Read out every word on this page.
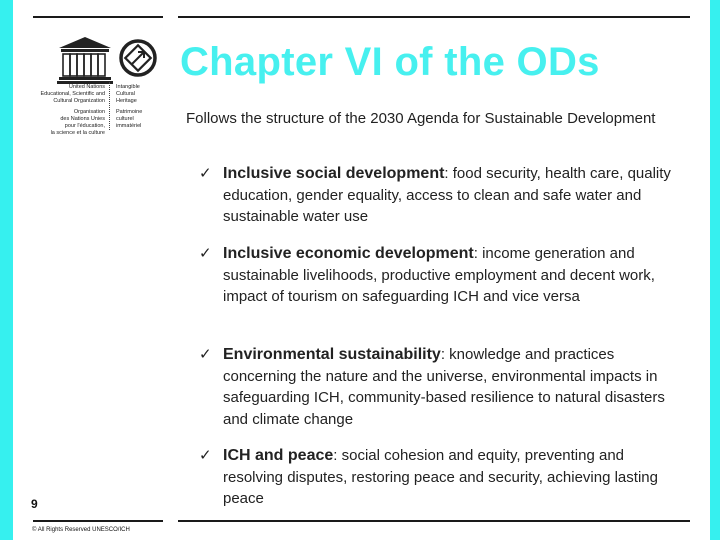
United Nations
Educational, Scientific and
Cultural Organization
Organisation
des Nations Unies
pour l'éducation,
la science et la culture
Intangible
Cultural
Heritage
Patrimoine
culturel
immatériel
Chapter VI of the ODs
Follows the structure of the 2030 Agenda for Sustainable Development
✓ Inclusive social development: food security, health care, quality education, gender equality, access to clean and safe water and sustainable water use
✓ Inclusive economic development: income generation and sustainable livelihoods, productive employment and decent work, impact of tourism on safeguarding ICH and vice versa
✓ Environmental sustainability: knowledge and practices concerning the nature and the universe, environmental impacts in safeguarding ICH, community-based resilience to natural disasters and climate change
✓ ICH and peace: social cohesion and equity, preventing and resolving disputes, restoring peace and security, achieving lasting peace
9
© All Rights Reserved UNESCO/ICH
